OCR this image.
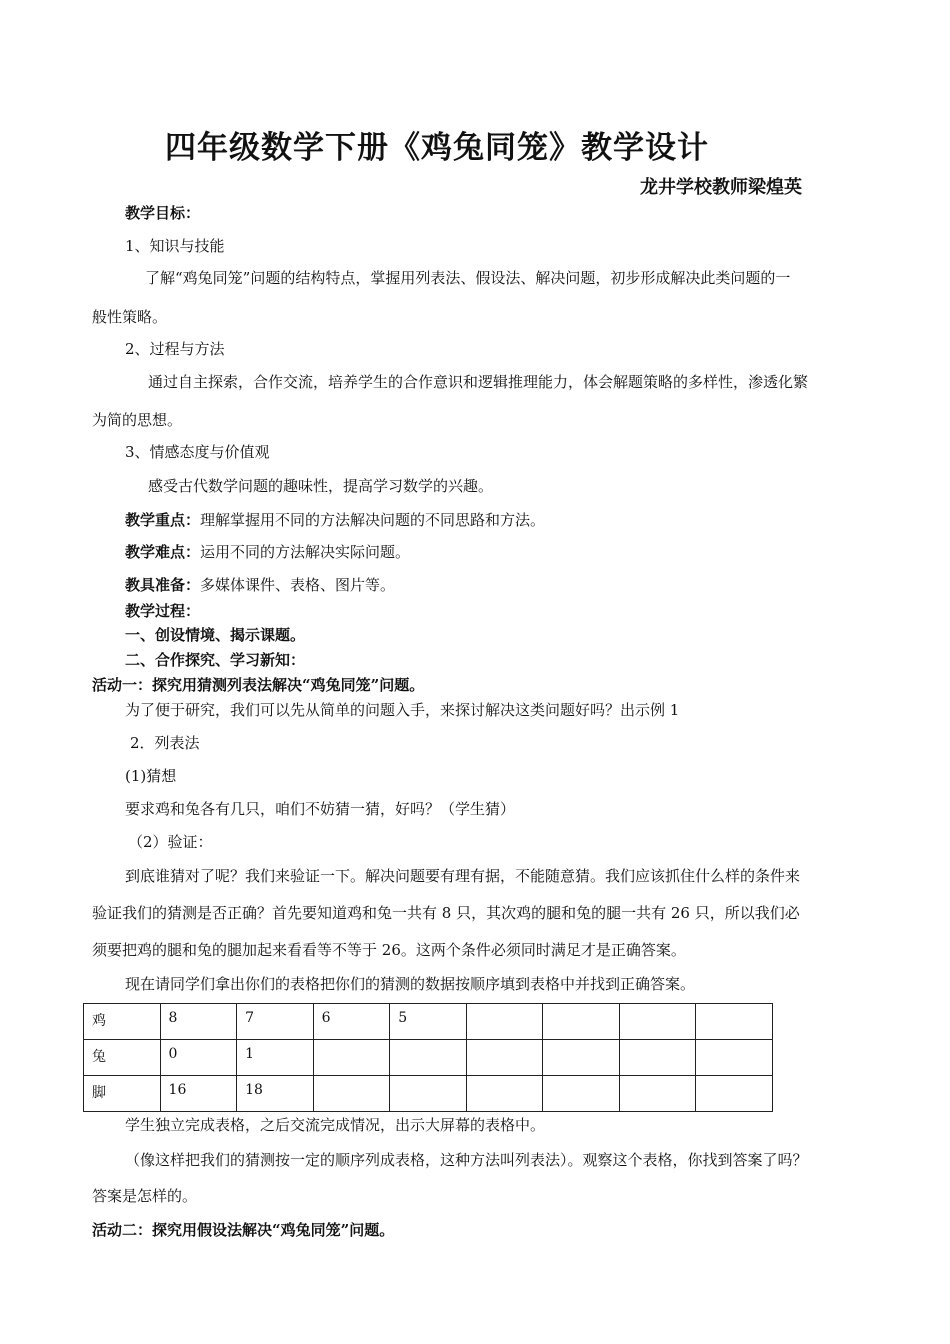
四年级数学下册《鸡兔同笼》教学设计
龙井学校教师梁煌英
教学目标：
1、知识与技能
了解“鸡兔同笼”问题的结构特点，掌握用列表法、假设法、解决问题，初步形成解决此类问题的一
般性策略。
2、过程与方法
通过自主探索，合作交流，培养学生的合作意识和逻辑推理能力，体会解题策略的多样性，渗透化繁
为简的思想。
3、情感态度与价值观
感受古代数学问题的趣味性，提高学习数学的兴趣。
教学重点：理解掌握用不同的方法解决问题的不同思路和方法。
教学难点：运用不同的方法解决实际问题。
教具准备：多媒体课件、表格、图片等。
教学过程：
一、创设情境、揭示课题。
二、合作探究、学习新知：
活动一：探究用猜测列表法解决“鸡兔同笼”问题。
为了便于研究，我们可以先从简单的问题入手，来探讨解决这类问题好吗？出示例 1
2．列表法
(1)猜想
要求鸡和兔各有几只，咱们不妨猜一猜，好吗？（学生猜）
（2）验证：
到底谁猜对了呢？我们来验证一下。解决问题要有理有据，不能随意猜。我们应该抓住什么样的条件来
验证我们的猜测是否正确？首先要知道鸡和兔一共有 8 只，其次鸡的腿和兔的腿一共有 26 只，所以我们必
须要把鸡的腿和兔的腿加起来看看等不等于 26。这两个条件必须同时满足才是正确答案。
现在请同学们拿出你们的表格把你们的猜测的数据按顺序填到表格中并找到正确答案。
鸡	8	7	6	5				
兔	0	1						
脚	16	18						
学生独立完成表格，之后交流完成情况，出示大屏幕的表格中。
（像这样把我们的猜测按一定的顺序列成表格，这种方法叫列表法）。观察这个表格，你找到答案了吗？
答案是怎样的。
活动二：探究用假设法解决“鸡兔同笼”问题。
